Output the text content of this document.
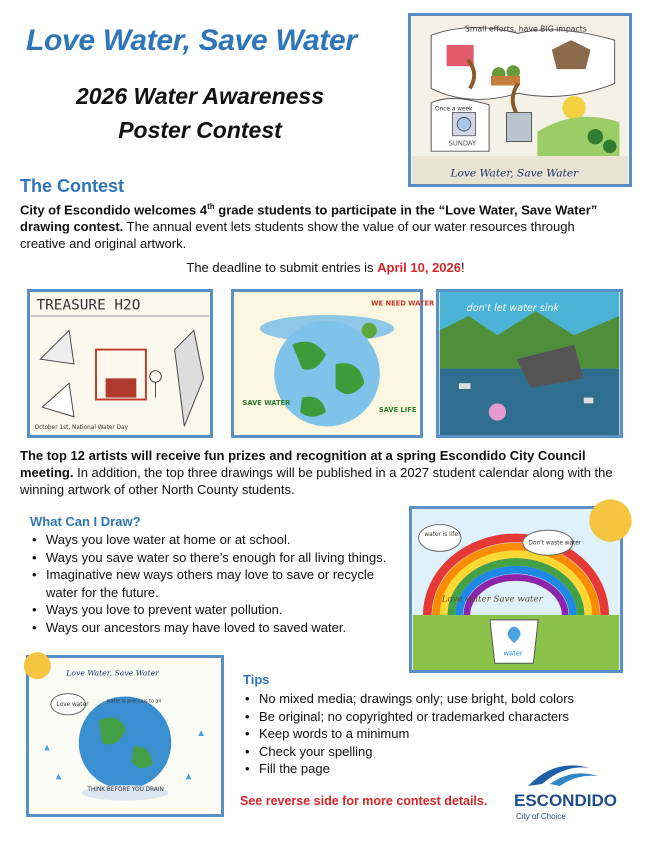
Love Water, Save Water
2026 Water Awareness
Poster Contest
Small efforts, have BIG impacts
Once a week
SUNDAY
Love Water, Save Water
The Contest
City of Escondido welcomes 4th grade students to participate in the “Love Water, Save Water” drawing contest. The annual event lets students show the value of our water resources through creative and original artwork.
The deadline to submit entries is April 10, 2026!
TREASURE H2O
October 1st, National Water Day
WE NEED WATER
SAVE WATER
SAVE LIFE
don't let water sink
The top 12 artists will receive fun prizes and recognition at a spring Escondido City Council meeting. In addition, the top three drawings will be published in a 2027 student calendar along with the winning artwork of other North County students.
What Can I Draw?
• Ways you love water at home or at school.
• Ways you save water so there’s enough for all living things.
• Imaginative new ways others may love to save or recycle water for the future.
• Ways you love to prevent water pollution.
• Ways our ancestors may have loved to saved water.
water is life!
Don't waste water
Love water Save water
water
Love Water, Save Water
Love water
water is precious to all
THINK BEFORE YOU DRAIN
Tips
• No mixed media; drawings only; use bright, bold colors
• Be original; no copyrighted or trademarked characters
• Keep words to a minimum
• Check your spelling
• Fill the page
See reverse side for more contest details. ESCONDIDO
City of Choice
